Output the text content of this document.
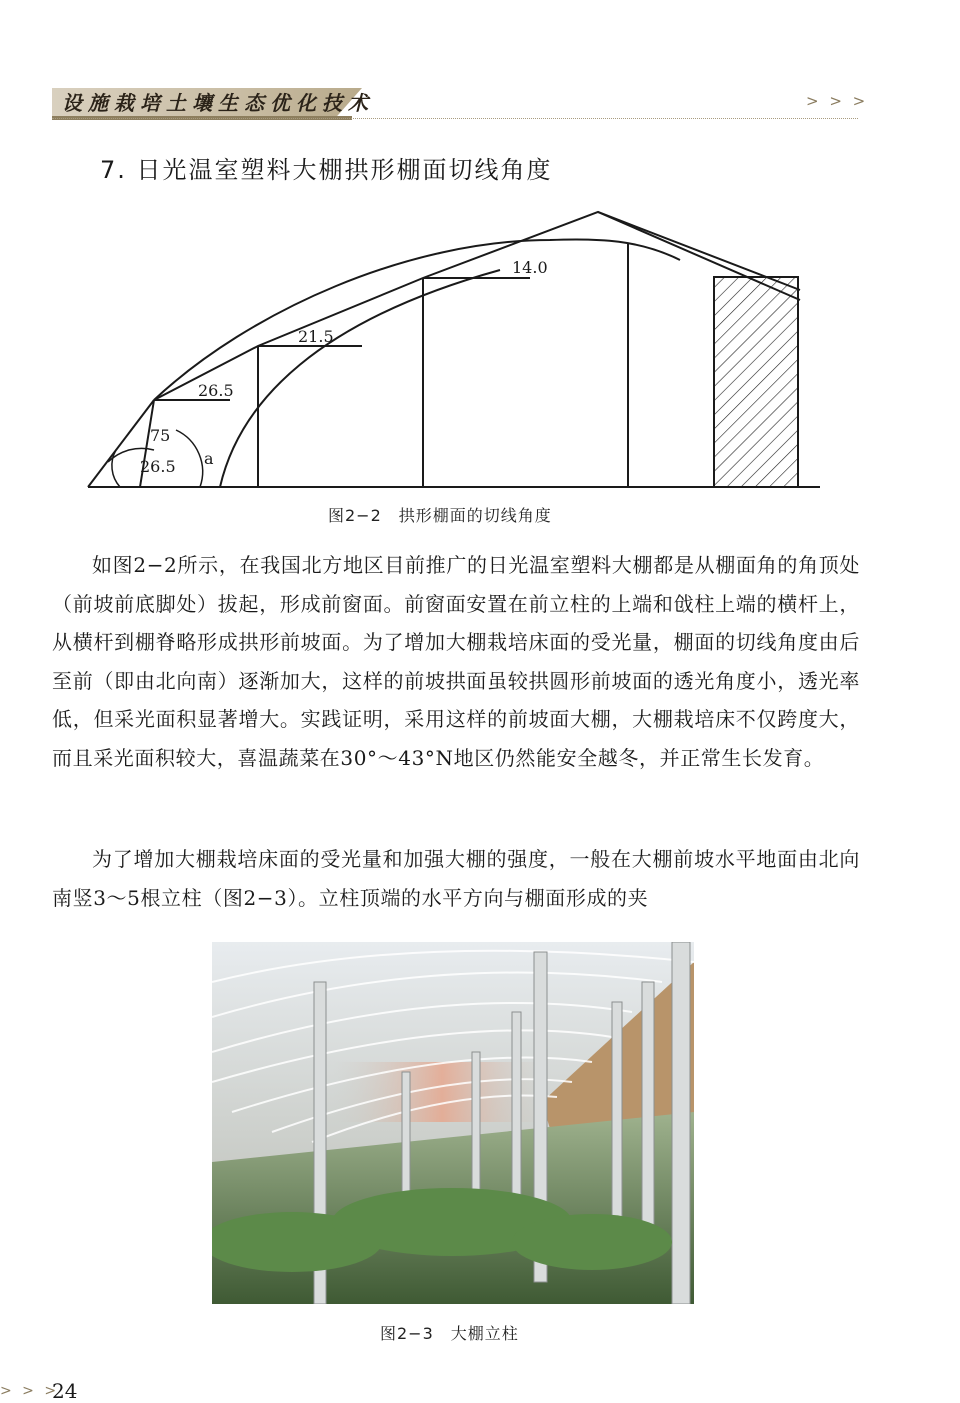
设施栽培土壤生态优化技术	> > >
7. 日光温室塑料大棚拱形棚面切线角度
14.0
21.5
26.5
75
26.5 a
图2−2　拱形棚面的切线角度

如图2−2所示，在我国北方地区目前推广的日光温室塑料大棚都是从棚面角的角顶处（前坡前底脚处）拔起，形成前窗面。前窗面安置在前立柱的上端和戗柱上端的横杆上，从横杆到棚脊略形成拱形前坡面。为了增加大棚栽培床面的受光量，棚面的切线角度由后至前（即由北向南）逐渐加大，这样的前坡拱面虽较拱圆形前坡面的透光角度小，透光率低，但采光面积显著增大。实践证明，采用这样的前坡面大棚，大棚栽培床不仅跨度大，而且采光面积较大，喜温蔬菜在30°～43°N地区仍然能安全越冬，并正常生长发育。

为了增加大棚栽培床面的受光量和加强大棚的强度，一般在大棚前坡水平地面由北向南竖3～5根立柱（图2−3）。立柱顶端的水平方向与棚面形成的夹

图2−3　大棚立柱
> > >
24
